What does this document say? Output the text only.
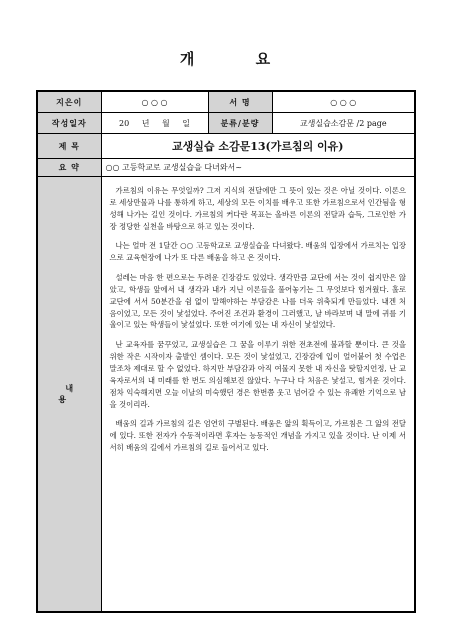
개 요
지은이	○ ○ ○	서 명	○ ○ ○
작성일자	20 년 월 일	분류/분량	교생실습소감문 /2 page
제 목	교생실습 소감문13(가르침의 이유)		
요 약	○○ 고등학교로 교생실습을 다녀와서~		
내 용	가르침의 이유는 무엇일까? 그저 지식의 전달에만 그 뜻이 있는 것은 아닐 것이다. 이론으로 세상만물과 나를 통하게 하고, 세상의 모든 이치를 배우고 또한 가르침으로서 인간됨을 형성해 나가는 길인 것이다. 가르침의 커다란 목표는 올바른 이론의 전달과 습득, 그로인한 가장 정당한 실천을 바탕으로 하고 있는 것이다.

나는 얼마 전 1달간 ○○ 고등학교로 교생실습을 다녀왔다. 배움의 입장에서 가르치는 입장으로 교육현장에 나가 또 다른 배움을 하고 온 것이다.

설레는 마음 한 편으로는 두려운 긴장감도 있었다. 생각만큼 교단에 서는 것이 쉽지만은 않았고, 학생들 앞에서 내 생각과 내가 지닌 이론들을 풀어놓기는 그 무엇보다 힘겨웠다. 홀로 교단에 서서 50분간을 쉼 없이 말해야하는 부담감은 나를 더욱 위축되게 만들었다. 내겐 처음이었고, 모든 것이 낯설었다. 주어진 조건과 환경이 그러했고, 날 바라보며 내 말에 귀를 기울이고 있는 학생들이 낯설었다. 또한 여기에 있는 내 자신이 낯설었다.

난 교육자를 꿈꾸었고, 교생실습은 그 꿈을 이루기 위한 전초전에 불과할 뿐이다. 큰 것을 위한 작은 시작이자 출발인 셈이다. 모든 것이 낯설었고, 긴장감에 입이 얼어붙어 첫 수업은 말조차 제대로 할 수 없었다. 하지만 부담감과 아직 여물지 못한 내 자신을 탓할지언정, 난 교육자로서의 내 미래를 한 번도 의심해보진 않았다. 누구나 다 처음은 낯설고, 힘겨운 것이다. 점차 익숙해지면 오늘 이날의 미숙했던 경은 한번쯤 웃고 넘어갈 수 있는 유쾌한 기억으로 남을 것이리라.

배움의 길과 가르침의 길은 엄연히 구별된다. 배움은 앎의 획득이고, 가르침은 그 앎의 전달에 있다. 또한 전자가 수동적이라면 후자는 능동적인 개념을 가지고 있을 것이다. 난 이제 서서히 배움의 길에서 가르침의 길로 들어서고 있다.		
